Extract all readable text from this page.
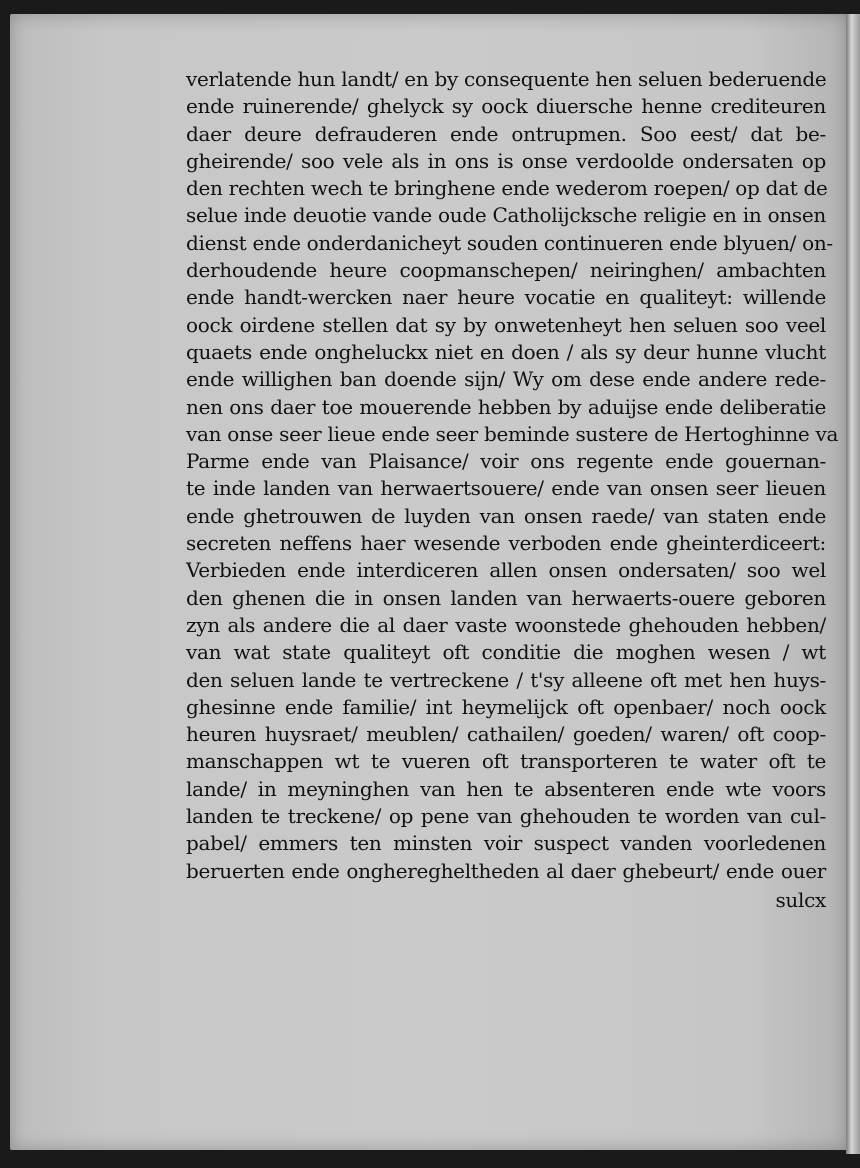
verlatende hun landt/ en by consequente hen seluen bederuende
ende ruinerende/ ghelyck sy oock diuersche henne crediteuren
daer deure defrauderen ende ontrupmen. Soo eest/ dat be-
gheirende/ soo vele als in ons is onse verdoolde ondersaten op
den rechten wech te bringhene ende wederom roepen/ op dat de
selue inde deuotie vande oude Catholijcksche religie en in onsen
dienst ende onderdanicheyt souden continueren ende blyuen/ on-
derhoudende heure coopmanschepen/ neiringhen/ ambachten
ende handt-wercken naer heure vocatie en qualiteyt: willende
oock oirdene stellen dat sy by onwetenheyt hen seluen soo veel
quaets ende ongheluckx niet en doen / als sy deur hunne vlucht
ende willighen ban doende sijn/ Wy om dese ende andere rede-
nen ons daer toe mouerende hebben by aduijse ende deliberatie
van onse seer lieue ende seer beminde sustere de Hertoghinne va
Parme ende van Plaisance/ voir ons regente ende gouernan-
te inde landen van herwaertsouere/ ende van onsen seer lieuen
ende ghetrouwen de luyden van onsen raede/ van staten ende
secreten neffens haer wesende verboden ende gheinterdiceert:
Verbieden ende interdiceren allen onsen ondersaten/ soo wel
den ghenen die in onsen landen van herwaerts-ouere geboren
zyn als andere die al daer vaste woonstede ghehouden hebben/
van wat state qualiteyt oft conditie die moghen wesen / wt
den seluen lande te vertreckene / t'sy alleene oft met hen huys-
ghesinne ende familie/ int heymelijck oft openbaer/ noch oock
heuren huysraet/ meublen/ cathailen/ goeden/ waren/ oft coop-
manschappen wt te vueren oft transporteren te water oft te
lande/ in meyninghen van hen te absenteren ende wte voors
landen te treckene/ op pene van ghehouden te worden van cul-
pabel/ emmers ten minsten voir suspect vanden voorledenen
beruerten ende ongheregheltheden al daer ghebeurt/ ende ouer
sulcx
